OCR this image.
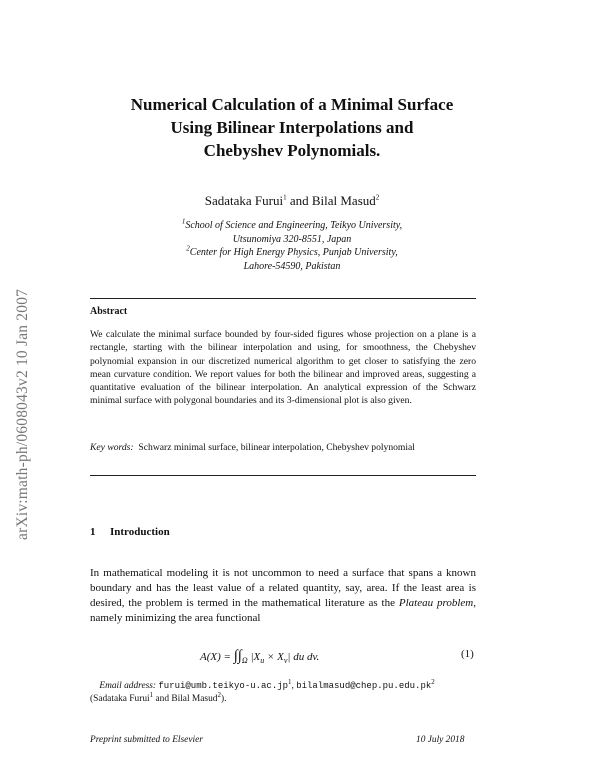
arXiv:math-ph/0608043v2 10 Jan 2007
Numerical Calculation of a Minimal Surface
Using Bilinear Interpolations and
Chebyshev Polynomials.
Sadataka Furui$^1$ and Bilal Masud$^2$
$^1$School of Science and Engineering, Teikyo University,
Utsunomiya 320-8551, Japan
$^2$Center for High Energy Physics, Punjab University,
Lahore-54590, Pakistan
Abstract
We calculate the minimal surface bounded by four-sided figures whose projection on a plane is a rectangle, starting with the bilinear interpolation and using, for smoothness, the Chebyshev polynomial expansion in our discretized numerical algorithm to get closer to satisfying the zero mean curvature condition. We report values for both the bilinear and improved areas, suggesting a quantitative evaluation of the bilinear interpolation. An analytical expression of the Schwarz minimal surface with polygonal boundaries and its 3-dimensional plot is also given.
Key words: Schwarz minimal surface, bilinear interpolation, Chebyshev polynomial
1 Introduction
In mathematical modeling it is not uncommon to need a surface that spans a known boundary and has the least value of a related quantity, say, area. If the least area is desired, the problem is termed in the mathematical literature as the Plateau problem, namely minimizing the area functional
$A(X) = \int\int_\Omega$ $|X_u \times X_v|$ du dv.	(1)
Email address: $furui@umb.teikyo-u.ac.jp^1$, $bilalmasud@chep.pu.edu.pk^2$
(Sadataka Furui$^1$ and Bilal Masud$^2$).
Preprint submitted to Elsevier	10 July 2018
